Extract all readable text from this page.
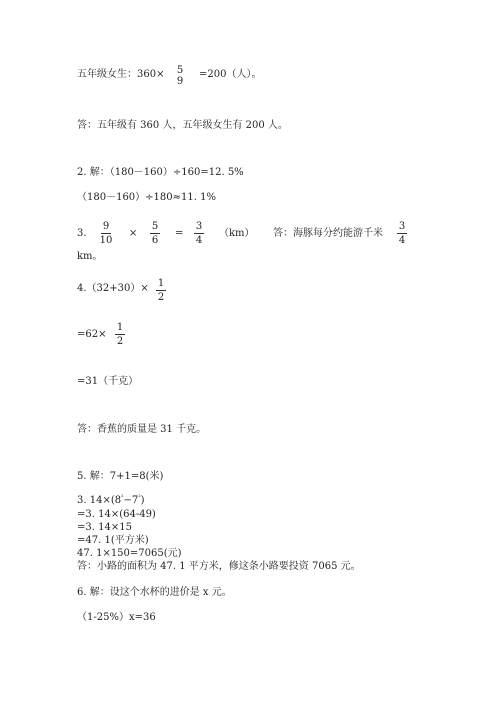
五年级女生：360×	5
9
=200（人）。
答：五年级有 360 人，五年级女生有 200 人。
2. 解：（180－160）÷160=12. 5%
（180－160）÷180≈11. 1%
3.
9
10
×
5
6
=
3
4
（km） 答：海豚每分约能游千米
3
4
km。
4.（32+30）× 1
2
=62×
1
2
=31（千克）
答：香蕉的质量是 31 千克。
5. 解：7+1=8(米)
3. $14\times(8^{^2}-7^{^2})$
=3. 14×(64-49)
=3. 14×15
=47. 1(平方米)
47. 1×150=7065(元)
答：小路的面积为 47. 1 平方米，修这条小路要投资 7065 元。
6. 解：设这个水杯的进价是 x 元。
（1-25%）x=36
